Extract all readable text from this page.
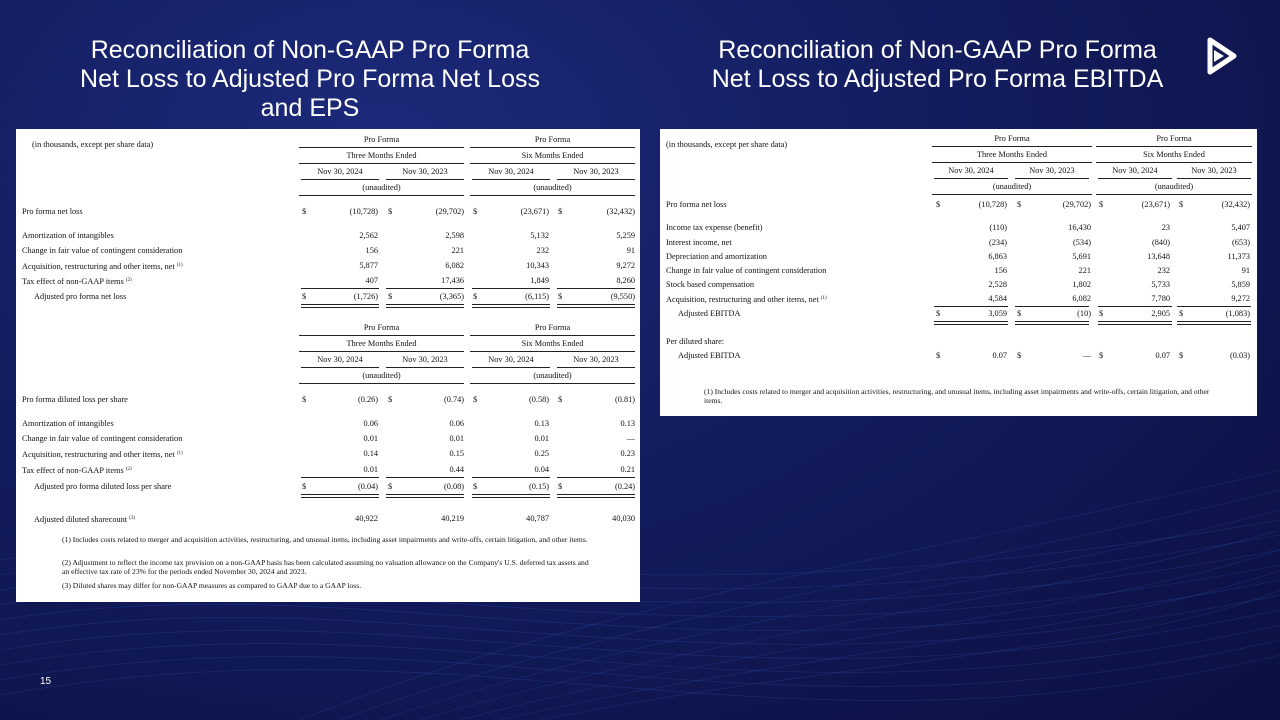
Reconciliation of Non-GAAP Pro Forma
Net Loss to Adjusted Pro Forma Net Loss
and EPS
Reconciliation of Non-GAAP Pro Forma
Net Loss to Adjusted Pro Forma EBITDA
15
(in thousands, except per share data)
Pro Forma	Pro Forma
Three Months Ended	Six Months Ended
Nov 30, 2024	Nov 30, 2023	Nov 30, 2024	Nov 30, 2023
(unaudited)	(unaudited)
Pro forma net loss	$	(10,728) $	(29,702) $	(23,671) $	(32,432)
Amortization of intangibles	2,562	2,598	5,132	5,259
Change in fair value of contingent consideration	156	221	232	91
Acquisition, restructuring and other items, net $^{(1)}$	5,877	6,082	10,343	9,272
Tax effect of non-GAAP items $^{(2)}$	407	17,436	1,849	8,260
Adjusted pro forma net loss	$	(1,726) $	(3,365) $	(6,115) $	(9,550)
Pro Forma	Pro Forma
Three Months Ended	Six Months Ended
Nov 30, 2024	Nov 30, 2023	Nov 30, 2024	Nov 30, 2023
(unaudited)	(unaudited)
Pro forma diluted loss per share	$	(0.26) $	(0.74) $	(0.58) $	(0.81)
Amortization of intangibles	0.06	0.06	0.13	0.13
Change in fair value of contingent consideration	0.01	0.01	0.01	—
Acquisition, restructuring and other items, net $^{(1)}$	0.14	0.15	0.25	0.23
Tax effect of non-GAAP items $^{(2)}$	0.01	0.44	0.04	0.21
Adjusted pro forma diluted loss per share	$	(0.04) $	(0.08) $	(0.15) $	(0.24)
Adjusted diluted sharecount $^{(3)}$	40,922	40,219	40,787	40,030
(1) Includes costs related to merger and acquisition activities, restructuring, and unusual items, including asset impairments and write-offs, certain litigation, and other items.
(2) Adjustment to reflect the income tax provision on a non-GAAP basis has been calculated assuming no valuation allowance on the Company's U.S. deferred tax assets and an effective tax rate of 23% for the periods ended November 30, 2024 and 2023.
(3) Diluted shares may differ for non-GAAP measures as compared to GAAP due to a GAAP loss.
(in thousands, except per share data)
Pro Forma	Pro Forma
Three Months Ended	Six Months Ended
Nov 30, 2024	Nov 30, 2023	Nov 30, 2024	Nov 30, 2023
(unaudited)	(unaudited)
Pro forma net loss	$	(10,728) $	(29,702) $	(23,671) $	(32,432)
Income tax expense (benefit)	(110)	16,430	23	5,407
Interest income, net	(234)	(534)	(840)	(653)
Depreciation and amortization	6,863	5,691	13,648	11,373
Change in fair value of contingent consideration	156	221	232	91
Stock based compensation	2,528	1,802	5,733	5,859
Acquisition, restructuring and other items, net $^{(1)}$	4,584	6,082	7,780	9,272
Adjusted EBITDA	$	3,059 $	(10) $	2,905 $	(1,083)
Per diluted share:
Adjusted EBITDA	$	0.07 $	— $	0.07 $	(0.03)
(1) Includes costs related to merger and acquisition activities, restructuring, and unusual items, including asset impairments and write-offs, certain litigation, and other items.
